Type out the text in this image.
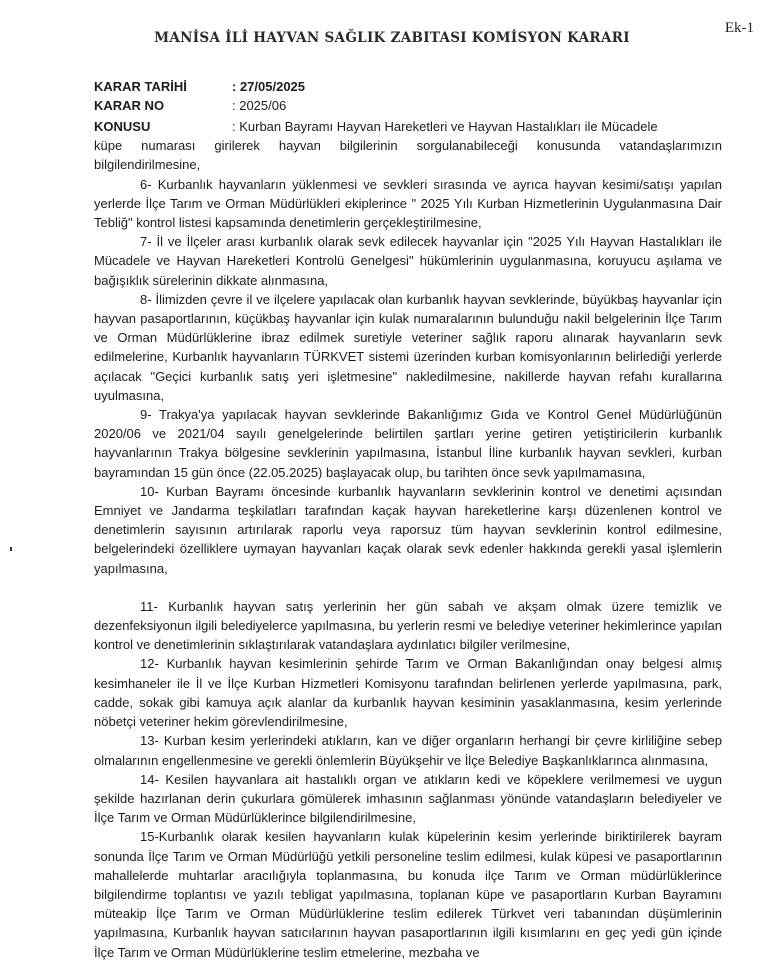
MANİSA İLİ HAYVAN SAĞLIK ZABITASI KOMİSYON KARARI
Ek-1
KARAR TARİHİ	: 27/05/2025
KARAR NO	: 2025/06
KONUSU	: Kurban Bayramı Hayvan Hareketleri ve Hayvan Hastalıkları ile Mücadele

küpe numarası girilerek hayvan bilgilerinin sorgulanabileceği konusunda vatandaşlarımızın bilgilendirilmesine,

6- Kurbanlık hayvanların yüklenmesi ve sevkleri sırasında ve ayrıca hayvan kesimi/satışı yapılan yerlerde İlçe Tarım ve Orman Müdürlükleri ekiplerince " 2025 Yılı Kurban Hizmetlerinin Uygulanmasına Dair Tebliğ" kontrol listesi kapsamında denetimlerin gerçekleştirilmesine,

7- İl ve İlçeler arası kurbanlık olarak sevk edilecek hayvanlar için "2025 Yılı Hayvan Hastalıkları ile Mücadele ve Hayvan Hareketleri Kontrolü Genelgesi" hükümlerinin uygulanmasına, koruyucu aşılama ve bağışıklık sürelerinin dikkate alınmasına,

8- İlimizden çevre il ve ilçelere yapılacak olan kurbanlık hayvan sevklerinde, büyükbaş hayvanlar için hayvan pasaportlarının, küçükbaş hayvanlar için kulak numaralarının bulunduğu nakil belgelerinin İlçe Tarım ve Orman Müdürlüklerine ibraz edilmek suretiyle veteriner sağlık raporu alınarak hayvanların sevk edilmelerine, Kurbanlık hayvanların TÜRKVET sistemi üzerinden kurban komisyonlarının belirlediği yerlerde açılacak "Geçici kurbanlık satış yeri işletmesine" nakledilmesine, nakillerde hayvan refahı kurallarına uyulmasına,

9- Trakya'ya yapılacak hayvan sevklerinde Bakanlığımız Gıda ve Kontrol Genel Müdürlüğünün 2020/06 ve 2021/04 sayılı genelgelerinde belirtilen şartları yerine getiren yetiştiricilerin kurbanlık hayvanlarının Trakya bölgesine sevklerinin yapılmasına, İstanbul İline kurbanlık hayvan sevkleri, kurban bayramından 15 gün önce (22.05.2025) başlayacak olup, bu tarihten önce sevk yapılmamasına,

10- Kurban Bayramı öncesinde kurbanlık hayvanların sevklerinin kontrol ve denetimi açısından Emniyet ve Jandarma teşkilatları tarafından kaçak hayvan hareketlerine karşı düzenlenen kontrol ve denetimlerin sayısının artırılarak raporlu veya raporsuz tüm hayvan sevklerinin kontrol edilmesine, belgelerindeki özelliklere uymayan hayvanları kaçak olarak sevk edenler hakkında gerekli yasal işlemlerin yapılmasına,

11- Kurbanlık hayvan satış yerlerinin her gün sabah ve akşam olmak üzere temizlik ve dezenfeksiyonun ilgili belediyelerce yapılmasına, bu yerlerin resmi ve belediye veteriner hekimlerince yapılan kontrol ve denetimlerinin sıklaştırılarak vatandaşlara aydınlatıcı bilgiler verilmesine,

12- Kurbanlık hayvan kesimlerinin şehirde Tarım ve Orman Bakanlığından onay belgesi almış kesimhaneler ile İl ve İlçe Kurban Hizmetleri Komisyonu tarafından belirlenen yerlerde yapılmasına, park, cadde, sokak gibi kamuya açık alanlar da kurbanlık hayvan kesiminin yasaklanmasına, kesim yerlerinde nöbetçi veteriner hekim görevlendirilmesine,

13- Kurban kesim yerlerindeki atıkların, kan ve diğer organların herhangi bir çevre kirliliğine sebep olmalarının engellenmesine ve gerekli önlemlerin Büyükşehir ve İlçe Belediye Başkanlıklarınca alınmasına,

14- Kesilen hayvanlara ait hastalıklı organ ve atıkların kedi ve köpeklere verilmemesi ve uygun şekilde hazırlanan derin çukurlara gömülerek imhasının sağlanması yönünde vatandaşların belediyeler ve İlçe Tarım ve Orman Müdürlüklerince bilgilendirilmesine,

15-Kurbanlık olarak kesilen hayvanların kulak küpelerinin kesim yerlerinde biriktirilerek bayram sonunda İlçe Tarım ve Orman Müdürlüğü yetkili personeline teslim edilmesi, kulak küpesi ve pasaportlarının mahallelerde muhtarlar aracılığıyla toplanmasına, bu konuda ilçe Tarım ve Orman müdürlüklerince bilgilendirme toplantısı ve yazılı tebligat yapılmasına, toplanan küpe ve pasaportların Kurban Bayramını müteakip İlçe Tarım ve Orman Müdürlüklerine teslim edilerek Türkvet veri tabanından düşümlerinin yapılmasına, Kurbanlık hayvan satıcılarının hayvan pasaportlarının ilgili kısımlarını en geç yedi gün içinde İlçe Tarım ve Orman Müdürlüklerine teslim etmelerine, mezbaha ve
